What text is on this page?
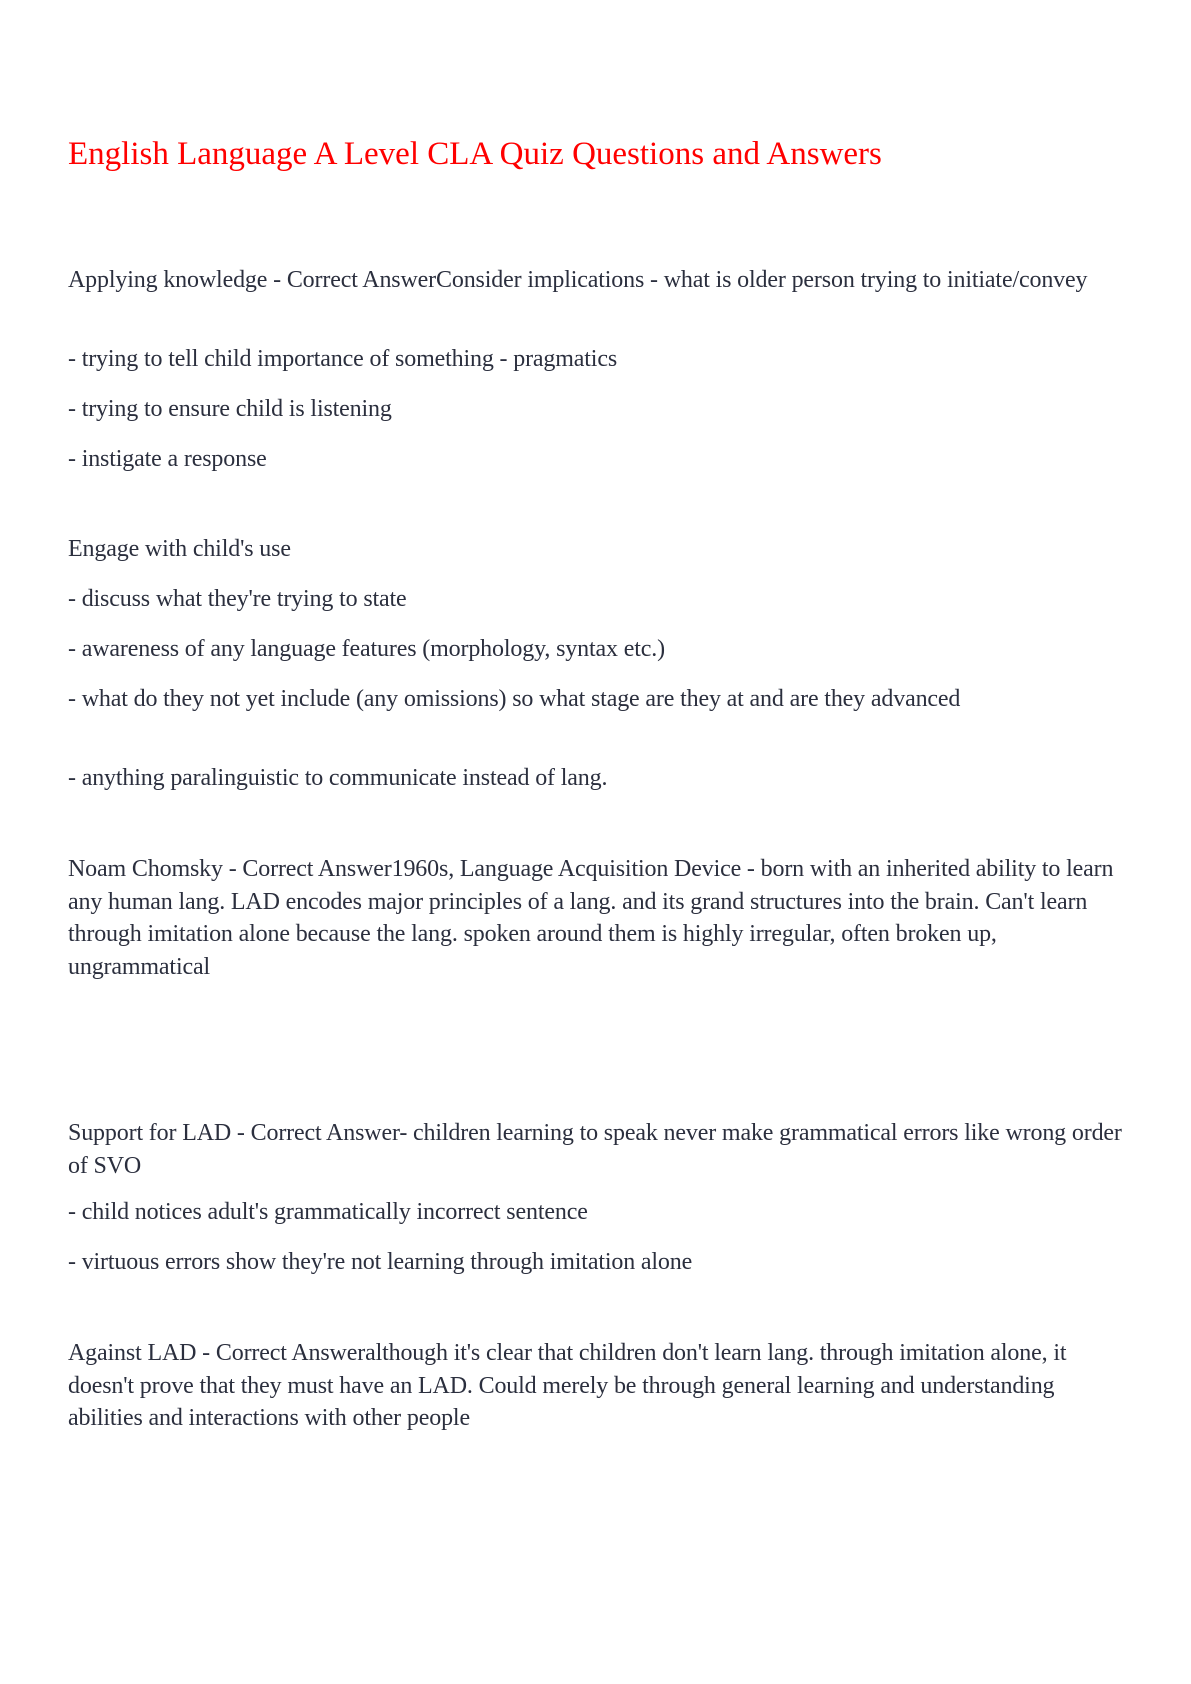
English Language A Level CLA Quiz Questions and Answers

Applying knowledge - Correct AnswerConsider implications - what is older person trying to initiate/convey

- trying to tell child importance of something - pragmatics

- trying to ensure child is listening

- instigate a response

Engage with child's use

- discuss what they're trying to state

- awareness of any language features (morphology, syntax etc.)

- what do they not yet include (any omissions) so what stage are they at and are they advanced

- anything paralinguistic to communicate instead of lang.

Noam Chomsky - Correct Answer1960s, Language Acquisition Device - born with an inherited ability to learn any human lang. LAD encodes major principles of a lang. and its grand structures into the brain. Can't learn through imitation alone because the lang. spoken around them is highly irregular, often broken up, ungrammatical

Support for LAD - Correct Answer- children learning to speak never make grammatical errors like wrong order of SVO

- child notices adult's grammatically incorrect sentence

- virtuous errors show they're not learning through imitation alone

Against LAD - Correct Answeralthough it's clear that children don't learn lang. through imitation alone, it doesn't prove that they must have an LAD. Could merely be through general learning and understanding abilities and interactions with other people
